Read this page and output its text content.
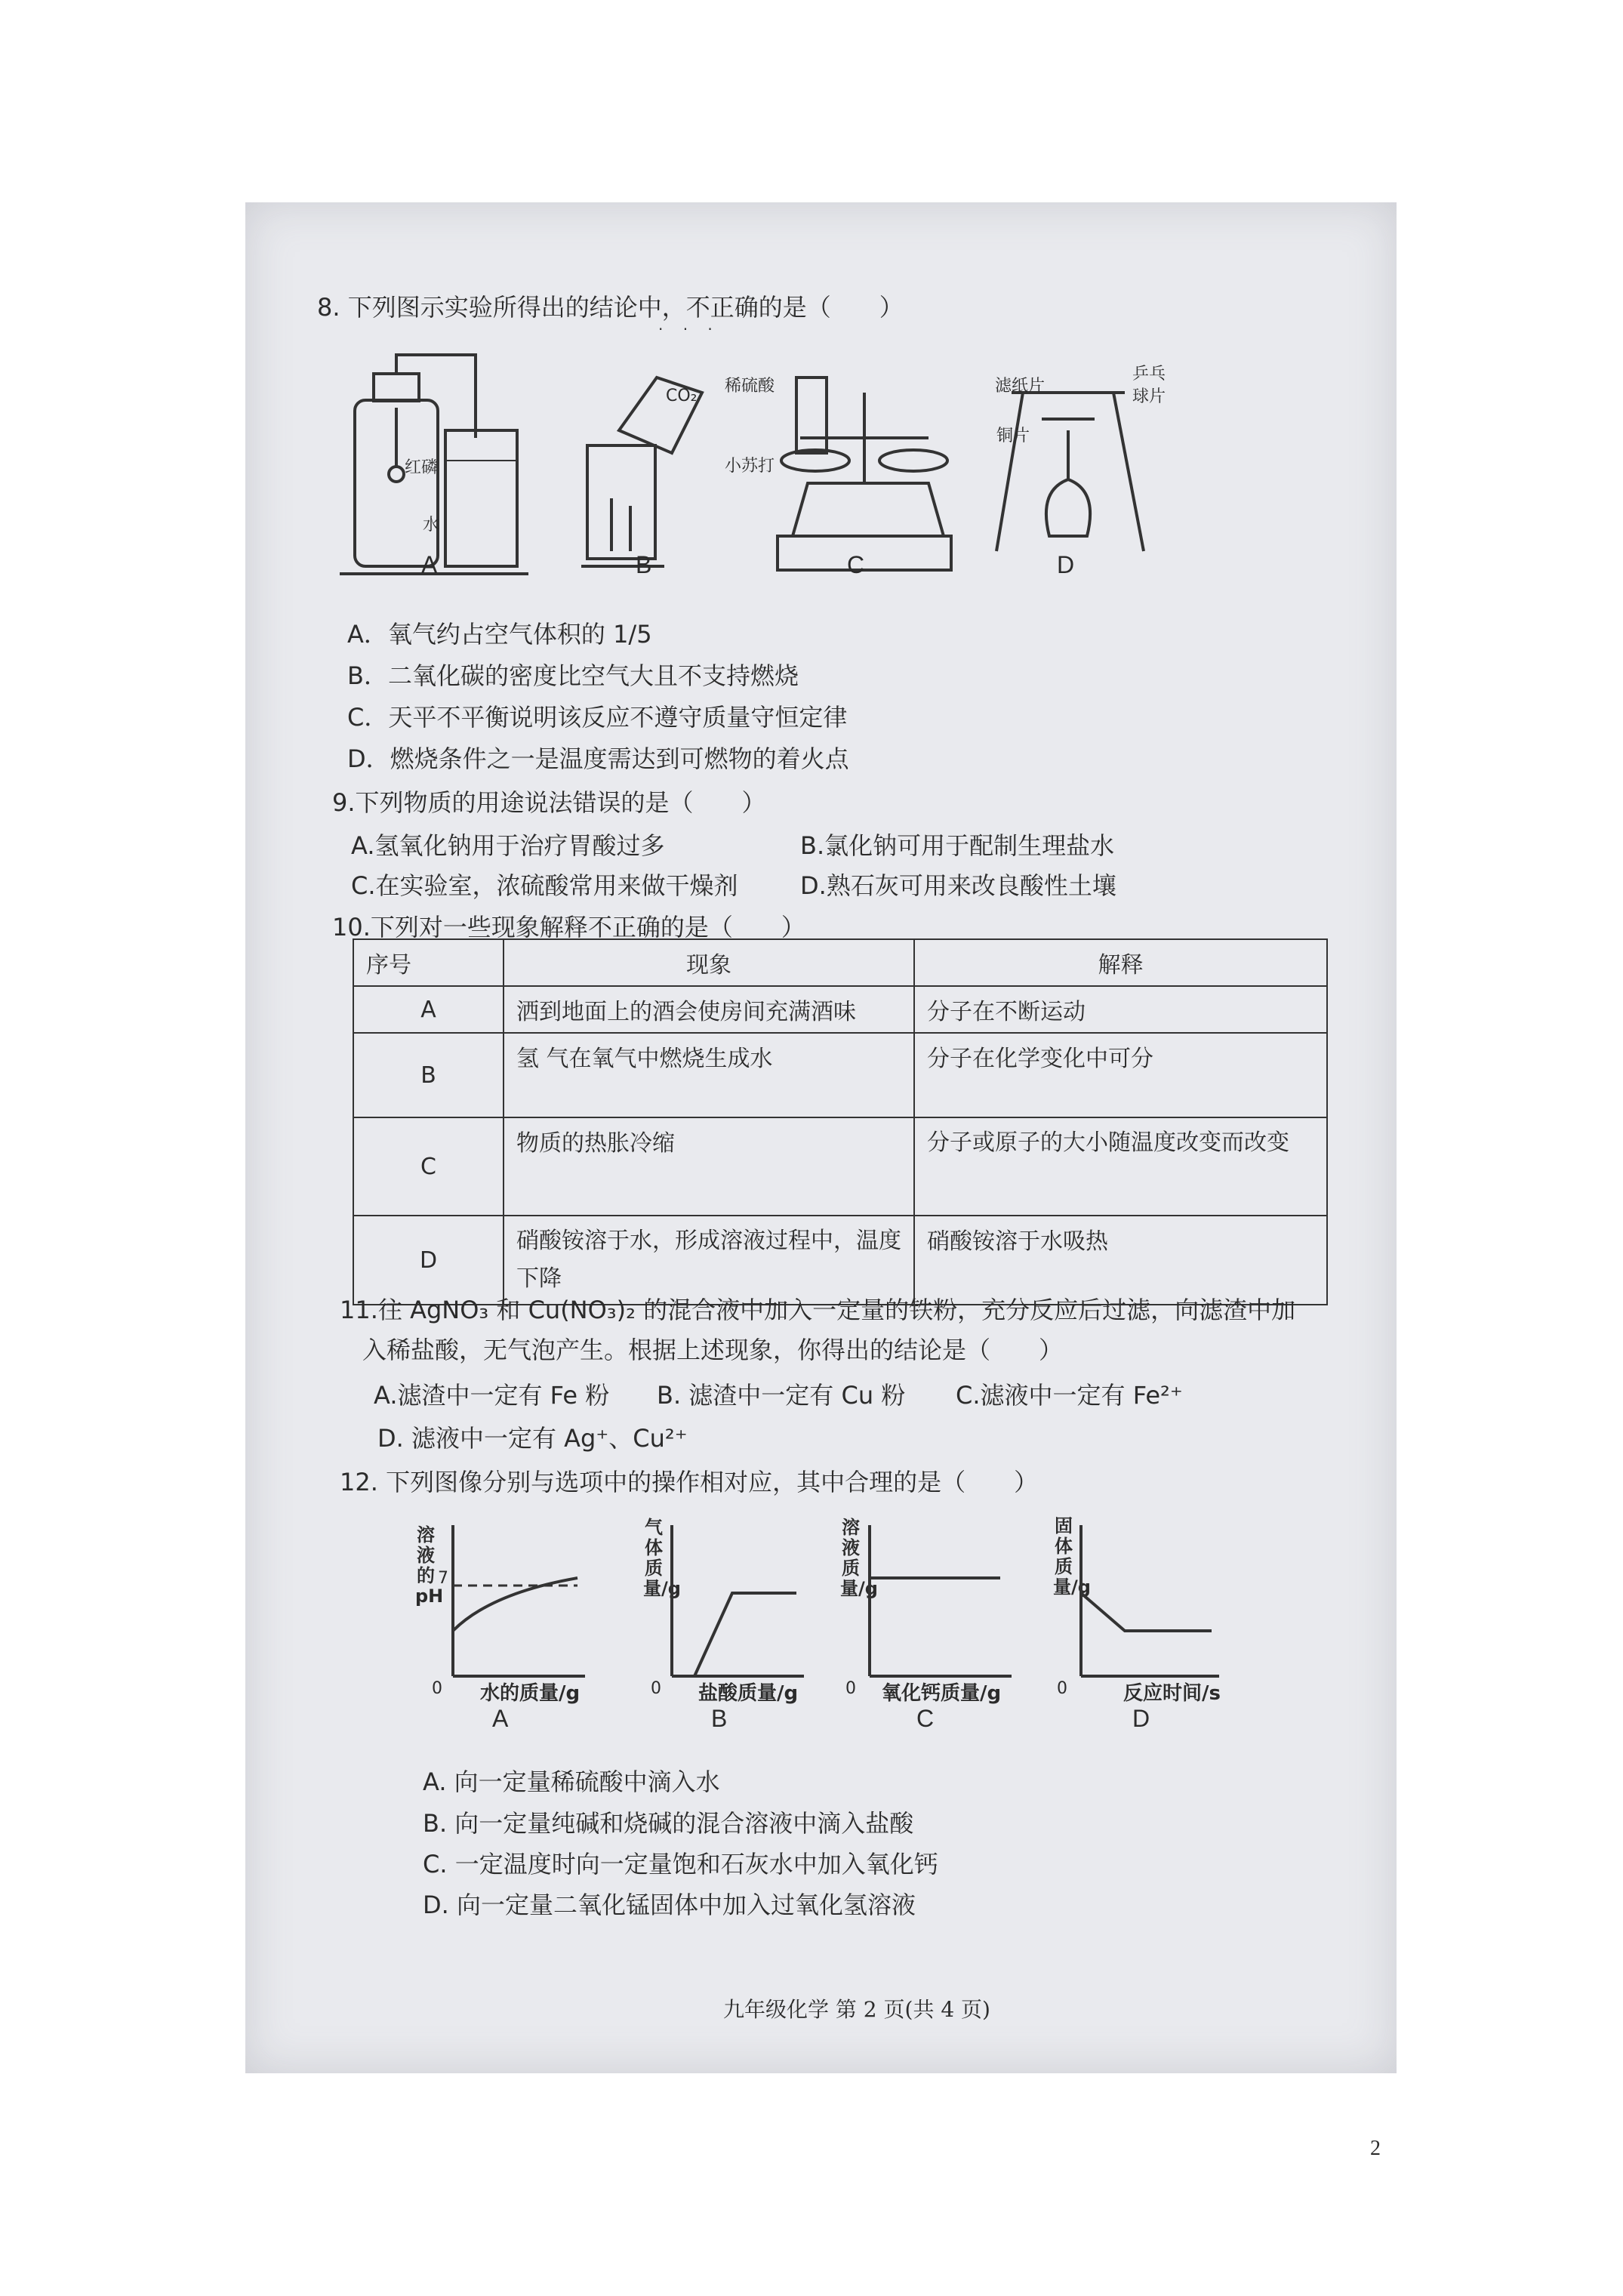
8. 下列图示实验所得出的结论中，不正确的是（　　）
· · ·
红磷
水
CO₂
稀硫酸
小苏打
滤纸片
乒乓
球片
铜片
A	B	C	D
A．氧气约占空气体积的 1/5
B．二氧化碳的密度比空气大且不支持燃烧
C．天平不平衡说明该反应不遵守质量守恒定律
D．燃烧条件之一是温度需达到可燃物的着火点
9.下列物质的用途说法错误的是（　　）
A.氢氧化钠用于治疗胃酸过多	B.氯化钠可用于配制生理盐水
C.在实验室，浓硫酸常用来做干燥剂	D.熟石灰可用来改良酸性土壤
10.下列对一些现象解释不正确的是（　　）
序号	现象	解释
A	洒到地面上的酒会使房间充满酒味	分子在不断运动
B	氢 气在氧气中燃烧生成水	分子在化学变化中可分
C	物质的热胀冷缩	分子或原子的大小随温度改变而改变
D	硝酸铵溶于水，形成溶液过程中，温度下降	硝酸铵溶于水吸热
11.往 AgNO₃ 和 Cu(NO₃)₂ 的混合液中加入一定量的铁粉，充分反应后过滤，向滤渣中加
入稀盐酸，无气泡产生。根据上述现象，你得出的结论是（　　）
A.滤渣中一定有 Fe 粉 B. 滤渣中一定有 Cu 粉 C.滤液中一定有 Fe²⁺
D. 滤液中一定有 Ag⁺、Cu²⁺
12. 下列图像分别与选项中的操作相对应，其中合理的是（　　）
溶液的pH
7
0 水的质量/g
A
气体质量/g
0 盐酸质量/g
B
溶液质量/g
0 氧化钙质量/g
C
固体质量/g
0	反应时间/s
D
A. 向一定量稀硫酸中滴入水
B. 向一定量纯碱和烧碱的混合溶液中滴入盐酸
C. 一定温度时向一定量饱和石灰水中加入氧化钙
D. 向一定量二氧化锰固体中加入过氧化氢溶液
九年级化学 第 2 页(共 4 页)
2
